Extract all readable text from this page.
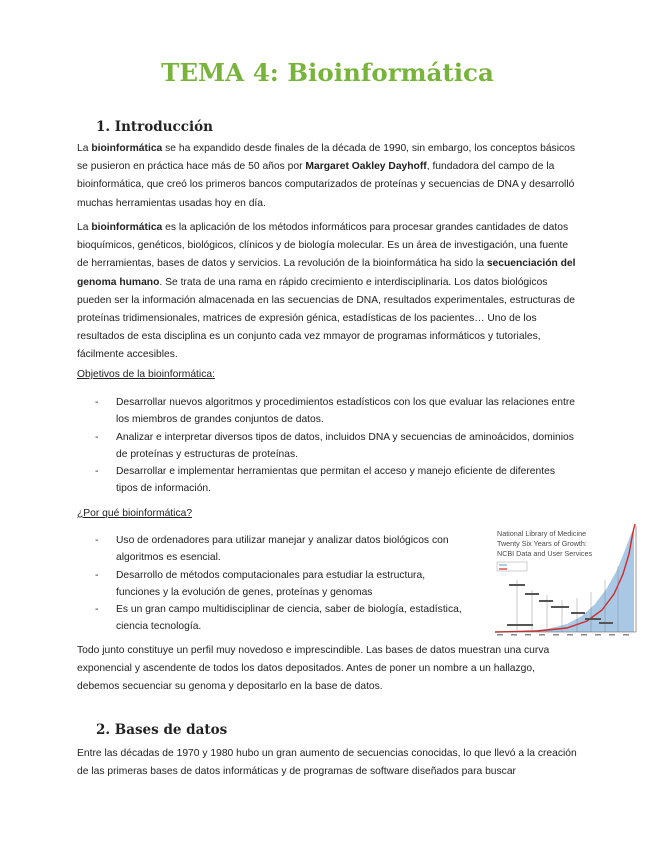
TEMA 4: Bioinformática
1. Introducción

La bioinformática se ha expandido desde finales de la década de 1990, sin embargo, los conceptos básicos se pusieron en práctica hace más de 50 años por Margaret Oakley Dayhoff, fundadora del campo de la bioinformática, que creó los primeros bancos computarizados de proteínas y secuencias de DNA y desarrolló muchas herramientas usadas hoy en día.

La bioinformática es la aplicación de los métodos informáticos para procesar grandes cantidades de datos bioquímicos, genéticos, biológicos, clínicos y de biología molecular. Es un área de investigación, una fuente de herramientas, bases de datos y servicios. La revolución de la bioinformática ha sido la secuenciación del genoma humano. Se trata de una rama en rápido crecimiento e interdisciplinaria. Los datos biológicos pueden ser la información almacenada en las secuencias de DNA, resultados experimentales, estructuras de proteínas tridimensionales, matrices de expresión génica, estadísticas de los pacientes… Uno de los resultados de esta disciplina es un conjunto cada vez mmayor de programas informáticos y tutoriales, fácilmente accesibles.

Objetivos de la bioinformática:
- Desarrollar nuevos algoritmos y procedimientos estadísticos con los que evaluar las relaciones entre los miembros de grandes conjuntos de datos.
- Analizar e interpretar diversos tipos de datos, incluidos DNA y secuencias de aminoácidos, dominios de proteínas y estructuras de proteínas.
- Desarrollar e implementar herramientas que permitan el acceso y manejo eficiente de diferentes tipos de información.
¿Por qué bioinformática?
- Uso de ordenadores para utilizar manejar y analizar datos biológicos con algoritmos es esencial.
- Desarrollo de métodos computacionales para estudiar la estructura, funciones y la evolución de genes, proteínas y genomas
- Es un gran campo multidisciplinar de ciencia, saber de biología, estadística, ciencia tecnología.
National Library of Medicine
Twenty Six Years of Growth:
NCBI Data and User Services

Todo junto constituye un perfil muy novedoso e imprescindible. Las bases de datos muestran una curva exponencial y ascendente de todos los datos depositados. Antes de poner un nombre a un hallazgo, debemos secuenciar su genoma y depositarlo en la base de datos.

2. Bases de datos

Entre las décadas de 1970 y 1980 hubo un gran aumento de secuencias conocidas, lo que llevó a la creación de las primeras bases de datos informáticas y de programas de software diseñados para buscar
